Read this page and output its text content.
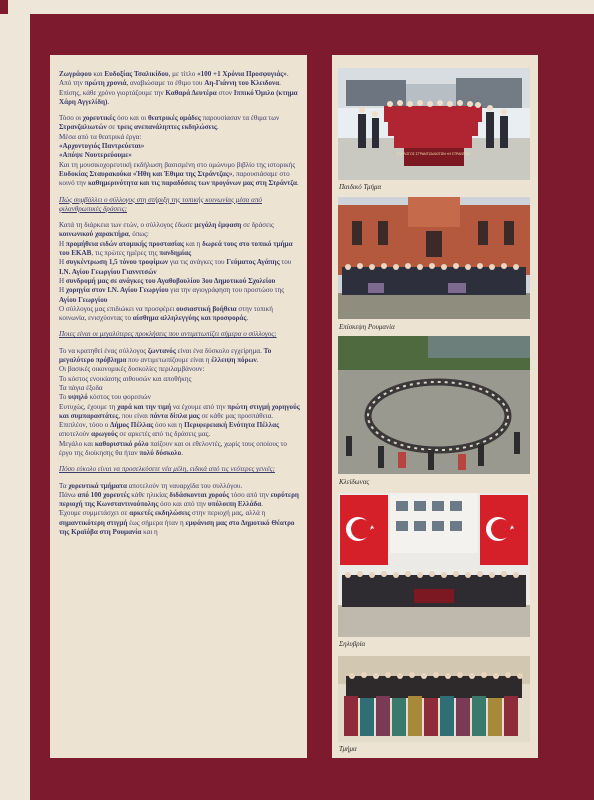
Ζωγράφου και Ευδοξίας Τσαλικίδου, με τίτλο «100 +1 Χρόνια Προσφυγιάς».

Από την πρώτη χρονιά, αναβιώσαμε το έθιμο του Αη-Γιάννη του Κλειδονα. Επίσης, κάθε χρόνο γιορτάζουμε την Καθαρά Δευτέρα στον Ιππικό Όμιλο (κτημα Χάρη Αγγελίδη).

Τόσο οι χορευτικές όσο και οι θεατρικές ομάδες παρουσίασαν τα έθιμα των Στρανζαλιωτών σε τρεις ανεπανάληπτες εκδηλώσεις.

Μέσα από τα θεατρικά έργα:

«Αρχοντογιός Παντρεύεται»

«Απόψε Νουτερεύουμε»

Και τη μουσικοχορευτική εκδήλωση βασισμένη στο ομώνυμο βιβλίο της ιστορικής Ευδοκίας Σταυρακούκα «Ήθη και Έθιμα της Στράντζας», παρουσιάσαμε στο κοινό την καθημερινότητα και τις παραδόσεις των προγόνων μας στη Στράντζα.

Πώς συμβάλλει ο σύλλογος στη στήριξη της τοπικής κοινωνίας μέσα από φιλανθρωπικές δράσεις;

Κατά τη διάρκεια των ετών, ο σύλλογος έδωσε μεγάλη έμφαση σε δράσεις κοινωνικού χαρακτήρα, όπως:

Η προμήθεια ειδών ατομικής προστασίας και η δωρεά τους στο τοπικό τμήμα του ΕΚΑΒ, τις πρώτες ημέρες της πανδημίας

Η συγκέντρωση 1,5 τόνου τροφίμων για τις ανάγκες του Γεύματος Αγάπης του Ι.Ν. Αγίου Γεωργίου Γιαννιτσών

Η συνδρομή μας σε ανάγκες του Αγαθοβουλίου 3ου Δημοτικού Σχολείου

Η χορηγία στον Ι.Ν. Αγίου Γεωργίου για την αγιογράφηση του προστώου της Αγίου Γεωργίου

Ο σύλλογος μας επιδιώκει να προσφέρει ουσιαστική βοήθεια στην τοπική κοινωνία, ενισχύοντας το αίσθημα αλληλεγγύης και προσφοράς.

Ποιες είναι οι μεγαλύτερες προκλήσεις που αντιμετωπίζει σήμερα ο σύλλογος;

Το να κρατηθεί ένας σύλλογος ζωντανός είναι ένα δύσκολο εγχείρημα. Το μεγαλύτερο πρόβλημα που αντιμετωπίζουμε είναι η έλλειψη πόρων.

Οι βασικές οικονομικές δυσκολίες περιλαμβάνουν:

Το κόστος ενοικίασης αιθουσών και αποθήκης

Τα πάγια έξοδα

Το υψηλό κόστος του φορεσιών

Ευτυχώς, έχουμε τη χαρά και την τιμή να έχουμε από την πρώτη στιγμή χορηγούς και συμπαραστάτες, που είναι πάντα δίπλα μας σε κάθε μας προσπάθεια.

Επιπλέον, τόσο ο Δήμος Πέλλας όσο και η Περιφερειακή Ενότητα Πέλλας αποτελούν αρωγούς σε αρκετές από τις δράσεις μας.

Μεγάλο και καθοριστικό ρόλο παίζουν και οι εθελοντές, χωρίς τους οποίους το έργο της διοίκησης θα ήταν πολύ δύσκολο.

Πόσο εύκολο είναι να προσελκύσετε νέα μέλη, ειδικά από τις νεότερες γενιές;

Τα χορευτικά τμήματα αποτελούν τη ναυαρχίδα του συλλόγου.

Πάνω από 100 χορευτές κάθε ηλικίας διδάσκονται χορούς τόσο από την ευρύτερη περιοχή της Κωνσταντινούπολης όσο και από την υπόλοιπη Ελλάδα.

Έχουμε συμμετάσχει σε αρκετές εκδηλώσεις στην περιοχή μας, αλλά η σημαντικότερη στιγμή έως σήμερα ήταν η εμφάνιση μας στο Δημοτικό Θέατρο της Κραϊόβα στη Ρουμανία και η

ΣΥΛΛΟΓΟΣ ΣΤΡΑΝΤΖΑΛΙΩΤΩΝ «Η ΣΤΡΑΝΤΖΑ»
Παιδικό Τμήμα
Επίσκεψη Ρουμανία
Κλείδωνας
Σηλυβρία
Τμήμα
